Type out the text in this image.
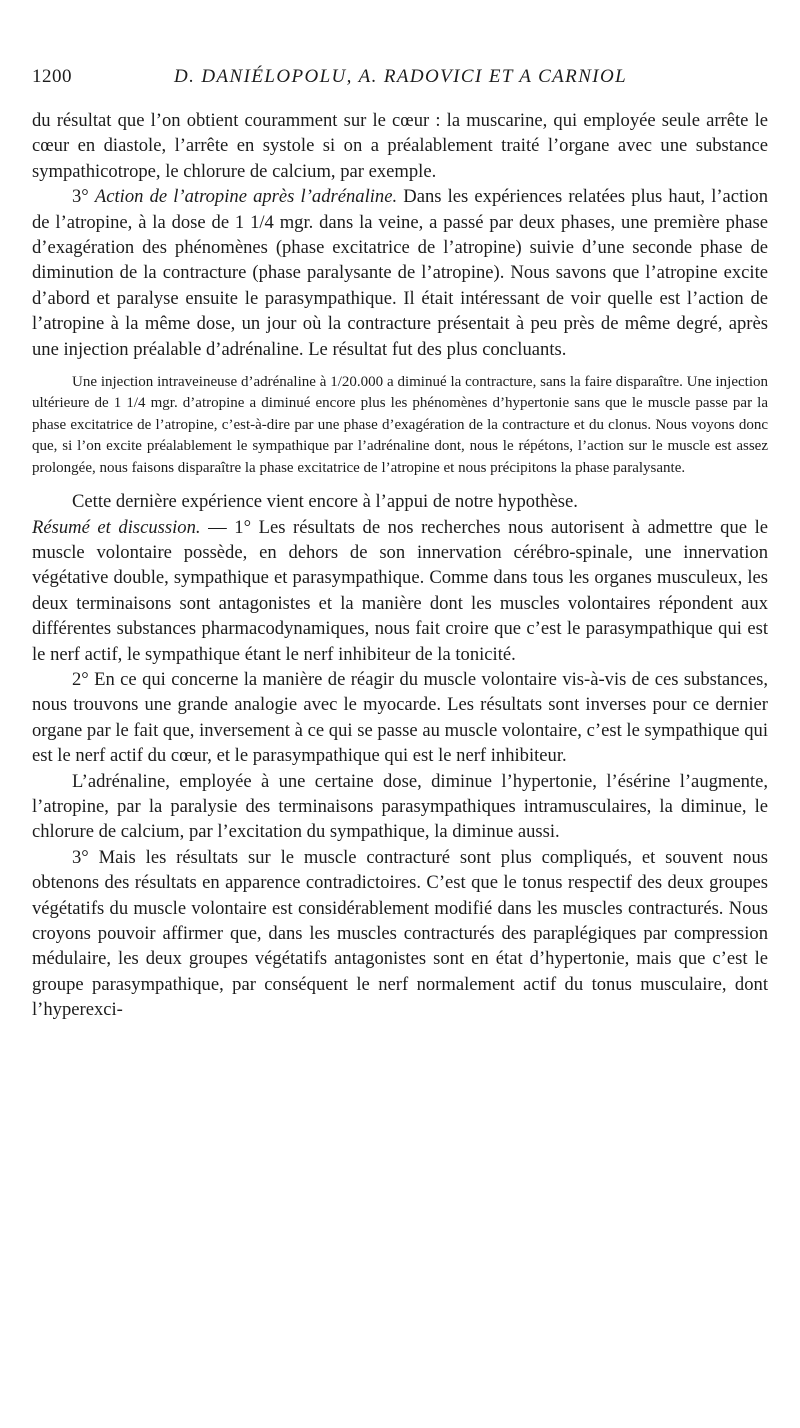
1200	D. DANIÉLOPOLU, A. RADOVICI ET A CARNIOL

du résultat que l’on obtient couramment sur le cœur : la muscarine, qui employée seule arrête le cœur en diastole, l’arrête en systole si on a préalablement traité l’organe avec une substance sympathicotrope, le chlorure de calcium, par exemple.

3° Action de l’atropine après l’adrénaline. Dans les expériences relatées plus haut, l’action de l’atropine, à la dose de 1 1/4 mgr. dans la veine, a passé par deux phases, une première phase d’exagération des phénomènes (phase excitatrice de l’atropine) suivie d’une seconde phase de diminution de la contracture (phase paralysante de l’atropine). Nous savons que l’atropine excite d’abord et paralyse ensuite le parasympathique. Il était intéressant de voir quelle est l’action de l’atropine à la même dose, un jour où la contracture présentait à peu près de même degré, après une injection préalable d’adrénaline. Le résultat fut des plus concluants.

Une injection intraveineuse d’adrénaline à 1/20.000 a diminué la contracture, sans la faire disparaître. Une injection ultérieure de 1 1/4 mgr. d’atropine a diminué encore plus les phénomènes d’hypertonie sans que le muscle passe par la phase excitatrice de l’atropine, c’est-à-dire par une phase d’exagération de la contracture et du clonus. Nous voyons donc que, si l’on excite préalablement le sympathique par l’adrénaline dont, nous le répétons, l’action sur le muscle est assez prolongée, nous faisons disparaître la phase excitatrice de l’atropine et nous précipitons la phase paralysante.

Cette dernière expérience vient encore à l’appui de notre hypothèse.

Résumé et discussion. — 1° Les résultats de nos recherches nous autorisent à admettre que le muscle volontaire possède, en dehors de son innervation cérébro-spinale, une innervation végétative double, sympathique et parasympathique. Comme dans tous les organes musculeux, les deux terminaisons sont antagonistes et la manière dont les muscles volontaires répondent aux différentes substances pharmacodynamiques, nous fait croire que c’est le parasympathique qui est le nerf actif, le sympathique étant le nerf inhibiteur de la tonicité.

2° En ce qui concerne la manière de réagir du muscle volontaire vis-à-vis de ces substances, nous trouvons une grande analogie avec le myocarde. Les résultats sont inverses pour ce dernier organe par le fait que, inversement à ce qui se passe au muscle volontaire, c’est le sympathique qui est le nerf actif du cœur, et le parasympathique qui est le nerf inhibiteur.

L’adrénaline, employée à une certaine dose, diminue l’hypertonie, l’ésérine l’augmente, l’atropine, par la paralysie des terminaisons parasympathiques intramusculaires, la diminue, le chlorure de calcium, par l’excitation du sympathique, la diminue aussi.

3° Mais les résultats sur le muscle contracturé sont plus compliqués, et souvent nous obtenons des résultats en apparence contradictoires. C’est que le tonus respectif des deux groupes végétatifs du muscle volontaire est considérablement modifié dans les muscles contracturés. Nous croyons pouvoir affirmer que, dans les muscles contracturés des paraplégiques par compression médulaire, les deux groupes végétatifs antagonistes sont en état d’hypertonie, mais que c’est le groupe parasympathique, par conséquent le nerf normalement actif du tonus musculaire, dont l’hyperexci-
